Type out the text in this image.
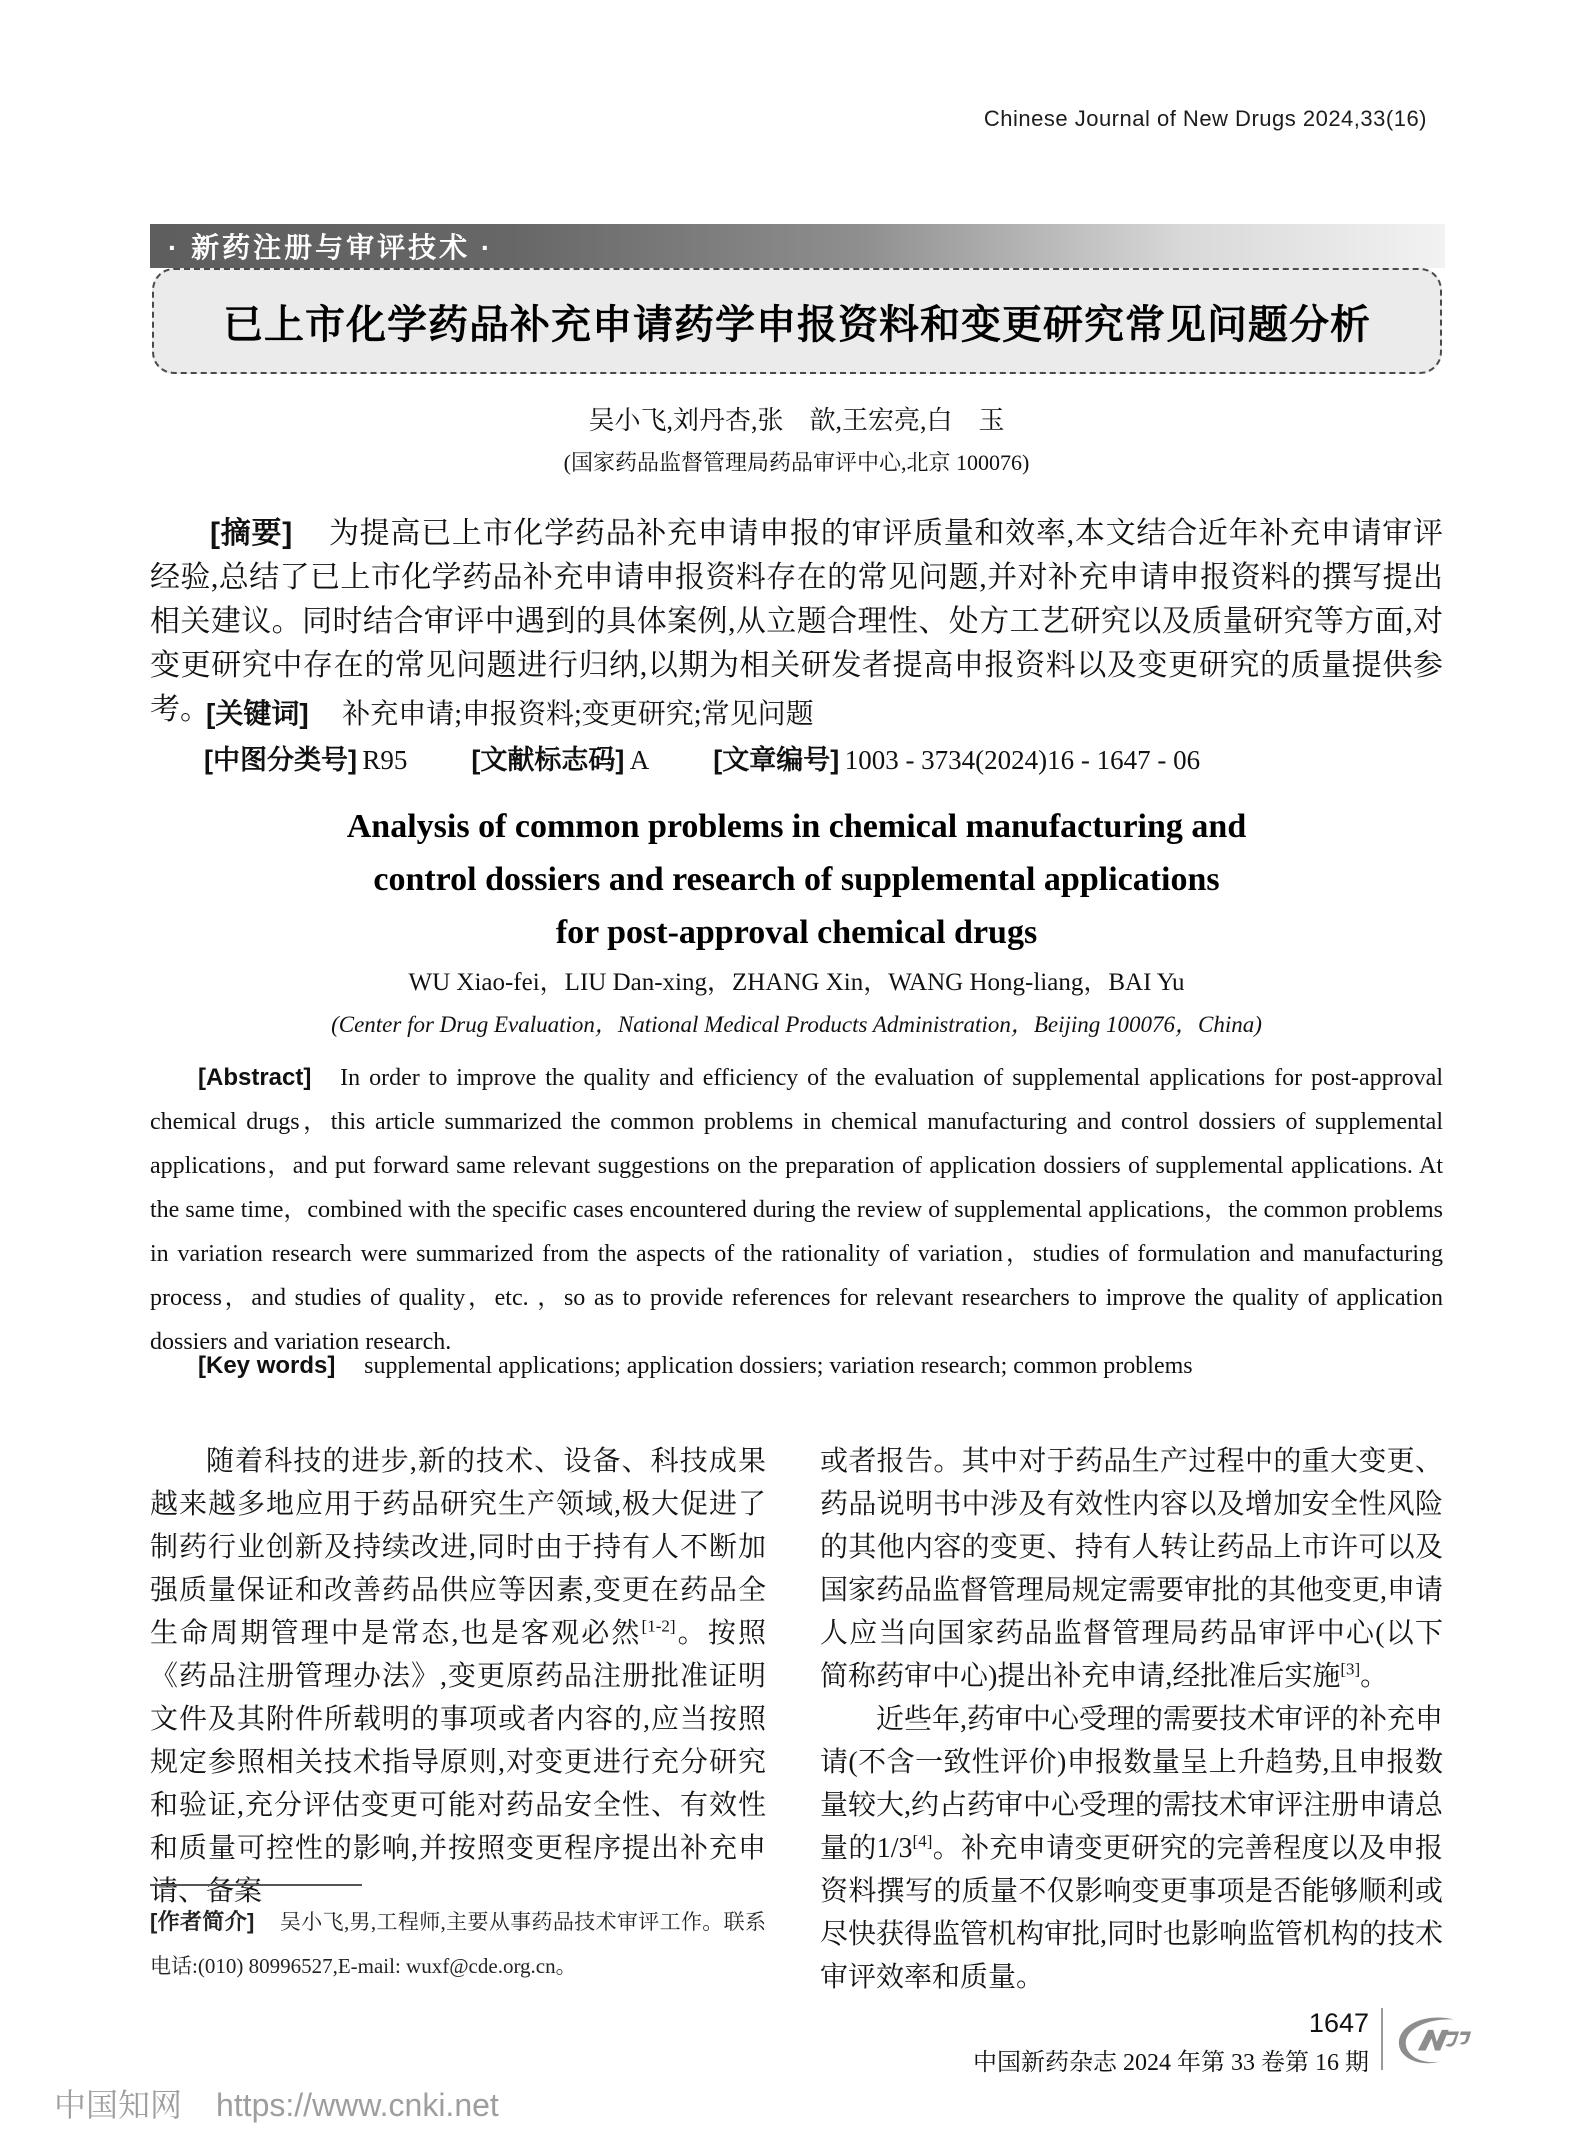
Chinese Journal of New Drugs 2024,33(16)
· 新药注册与审评技术 ·
已上市化学药品补充申请药学申报资料和变更研究常见问题分析
吴小飞,刘丹杏,张　歆,王宏亮,白　玉
(国家药品监督管理局药品审评中心,北京 100076)

[摘要] 为提高已上市化学药品补充申请申报的审评质量和效率,本文结合近年补充申请审评经验,总结了已上市化学药品补充申请申报资料存在的常见问题,并对补充申请申报资料的撰写提出相关建议。同时结合审评中遇到的具体案例,从立题合理性、处方工艺研究以及质量研究等方面,对变更研究中存在的常见问题进行归纳,以期为相关研发者提高申报资料以及变更研究的质量提供参考。

[关键词] 补充申请;申报资料;变更研究;常见问题

[中图分类号]  R95 [文献标志码]  A [文章编号]  1003 - 3734(2024)16 - 1647 - 06

Analysis of common problems in chemical manufacturing and
control dossiers and research of supplemental applications
for post-approval chemical drugs
WU Xiao-fei，LIU Dan-xing，ZHANG Xin，WANG Hong-liang，BAI Yu
(Center for Drug Evaluation，National Medical Products Administration，Beijing 100076，China)

[Abstract] In order to improve the quality and efficiency of the evaluation of supplemental applications for post-approval chemical drugs，this article summarized the common problems in chemical manufacturing and control dossiers of supplemental applications，and put forward same relevant suggestions on the preparation of application dossiers of supplemental applications. At the same time，combined with the specific cases encountered during the review of supplemental applications，the common problems in variation research were summarized from the aspects of the rationality of variation，studies of formulation and manufacturing process，and studies of quality，etc. ，so as to provide references for relevant researchers to improve the quality of application dossiers and variation research.

[Key words] supplemental applications; application dossiers; variation research; common problems

随着科技的进步,新的技术、设备、科技成果越来越多地应用于药品研究生产领域,极大促进了制药行业创新及持续改进,同时由于持有人不断加强质量保证和改善药品供应等因素,变更在药品全生命周期管理中是常态,也是客观必然[1-2]。按照《药品注册管理办法》,变更原药品注册批准证明文件及其附件所载明的事项或者内容的,应当按照规定参照相关技术指导原则,对变更进行充分研究和验证,充分评估变更可能对药品安全性、有效性和质量可控性的影响,并按照变更程序提出补充申请、备案

[作者简介] 吴小飞,男,工程师,主要从事药品技术审评工作。联系电话:(010) 80996527,E-mail: wuxf@cde.org.cn。

或者报告。其中对于药品生产过程中的重大变更、药品说明书中涉及有效性内容以及增加安全性风险的其他内容的变更、持有人转让药品上市许可以及国家药品监督管理局规定需要审批的其他变更,申请人应当向国家药品监督管理局药品审评中心(以下简称药审中心)提出补充申请,经批准后实施[3]。

近些年,药审中心受理的需要技术审评的补充申请(不含一致性评价)申报数量呈上升趋势,且申报数量较大,约占药审中心受理的需技术审评注册申请总量的1/3[4]。补充申请变更研究的完善程度以及申报资料撰写的质量不仅影响变更事项是否能够顺利或尽快获得监管机构审批,同时也影响监管机构的技术审评效率和质量。

1647
中国新药杂志 2024 年第 33 卷第 16 期
中国知网 https://www.cnki.net
